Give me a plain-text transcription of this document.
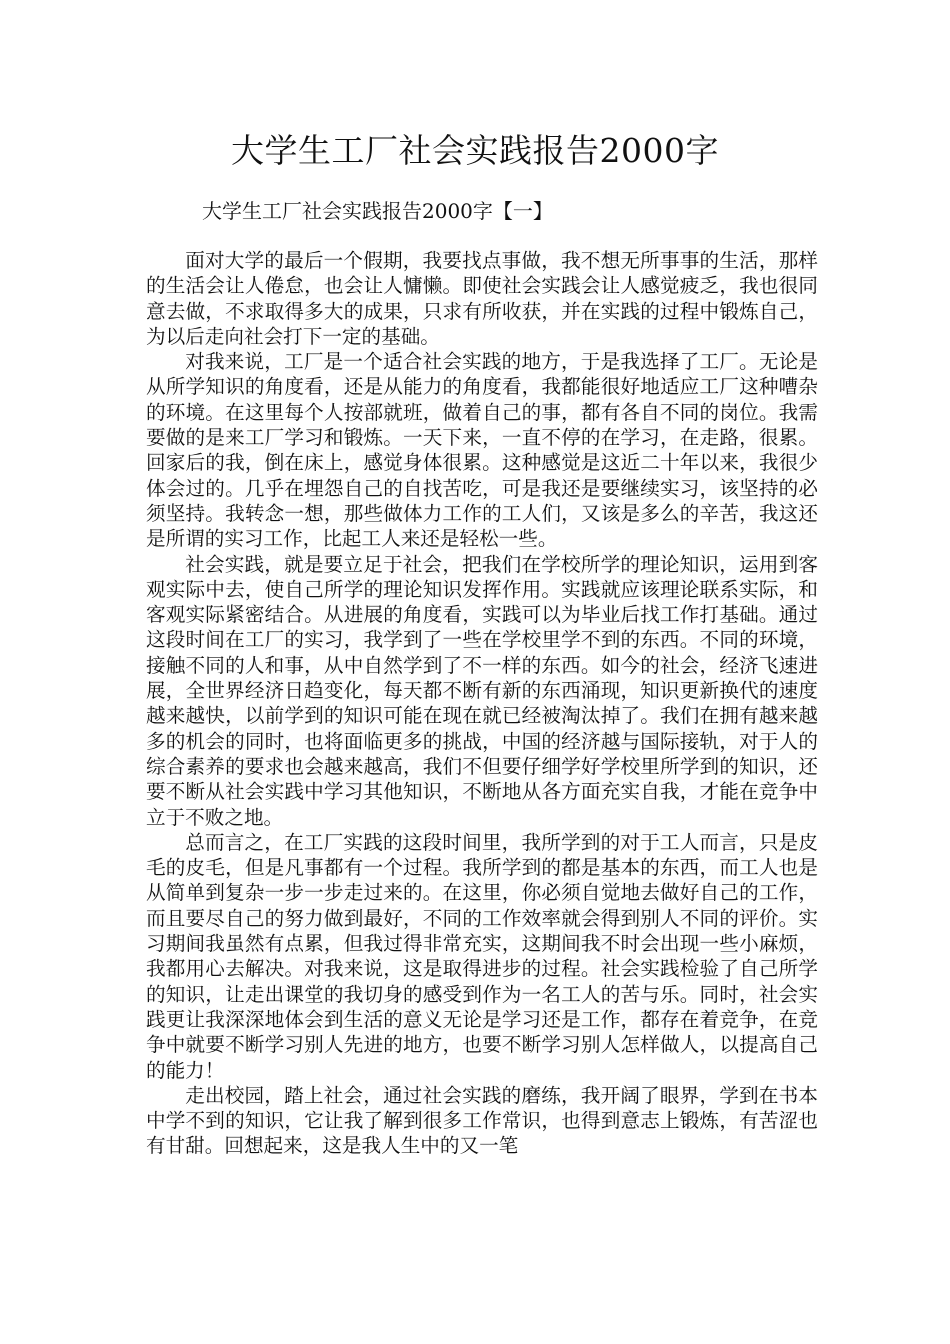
大学生工厂社会实践报告2000字
大学生工厂社会实践报告2000字【一】

面对大学的最后一个假期，我要找点事做，我不想无所事事的生活，那样的生活会让人倦怠，也会让人慵懒。即使社会实践会让人感觉疲乏，我也很同意去做，不求取得多大的成果，只求有所收获，并在实践的过程中锻炼自己，为以后走向社会打下一定的基础。

对我来说，工厂是一个适合社会实践的地方，于是我选择了工厂。无论是从所学知识的角度看，还是从能力的角度看，我都能很好地适应工厂这种嘈杂的环境。在这里每个人按部就班，做着自己的事，都有各自不同的岗位。我需要做的是来工厂学习和锻炼。一天下来，一直不停的在学习，在走路，很累。回家后的我，倒在床上，感觉身体很累。这种感觉是这近二十年以来，我很少体会过的。几乎在埋怨自己的自找苦吃，可是我还是要继续实习，该坚持的必须坚持。我转念一想，那些做体力工作的工人们，又该是多么的辛苦，我这还是所谓的实习工作，比起工人来还是轻松一些。

社会实践，就是要立足于社会，把我们在学校所学的理论知识，运用到客观实际中去，使自己所学的理论知识发挥作用。实践就应该理论联系实际，和客观实际紧密结合。从进展的角度看，实践可以为毕业后找工作打基础。通过这段时间在工厂的实习，我学到了一些在学校里学不到的东西。不同的环境，接触不同的人和事，从中自然学到了不一样的东西。如今的社会，经济飞速进展，全世界经济日趋变化，每天都不断有新的东西涌现，知识更新换代的速度越来越快，以前学到的知识可能在现在就已经被淘汰掉了。我们在拥有越来越多的机会的同时，也将面临更多的挑战，中国的经济越与国际接轨，对于人的综合素养的要求也会越来越高，我们不但要仔细学好学校里所学到的知识，还要不断从社会实践中学习其他知识，不断地从各方面充实自我，才能在竞争中立于不败之地。

总而言之，在工厂实践的这段时间里，我所学到的对于工人而言，只是皮毛的皮毛，但是凡事都有一个过程。我所学到的都是基本的东西，而工人也是从简单到复杂一步一步走过来的。在这里，你必须自觉地去做好自己的工作，而且要尽自己的努力做到最好，不同的工作效率就会得到别人不同的评价。实习期间我虽然有点累，但我过得非常充实，这期间我不时会出现一些小麻烦，我都用心去解决。对我来说，这是取得进步的过程。社会实践检验了自己所学的知识，让走出课堂的我切身的感受到作为一名工人的苦与乐。同时，社会实践更让我深深地体会到生活的意义无论是学习还是工作，都存在着竞争，在竞争中就要不断学习别人先进的地方，也要不断学习别人怎样做人，以提高自己的能力！

走出校园，踏上社会，通过社会实践的磨练，我开阔了眼界，学到在书本中学不到的知识，它让我了解到很多工作常识，也得到意志上锻炼，有苦涩也有甘甜。回想起来，这是我人生中的又一笔
